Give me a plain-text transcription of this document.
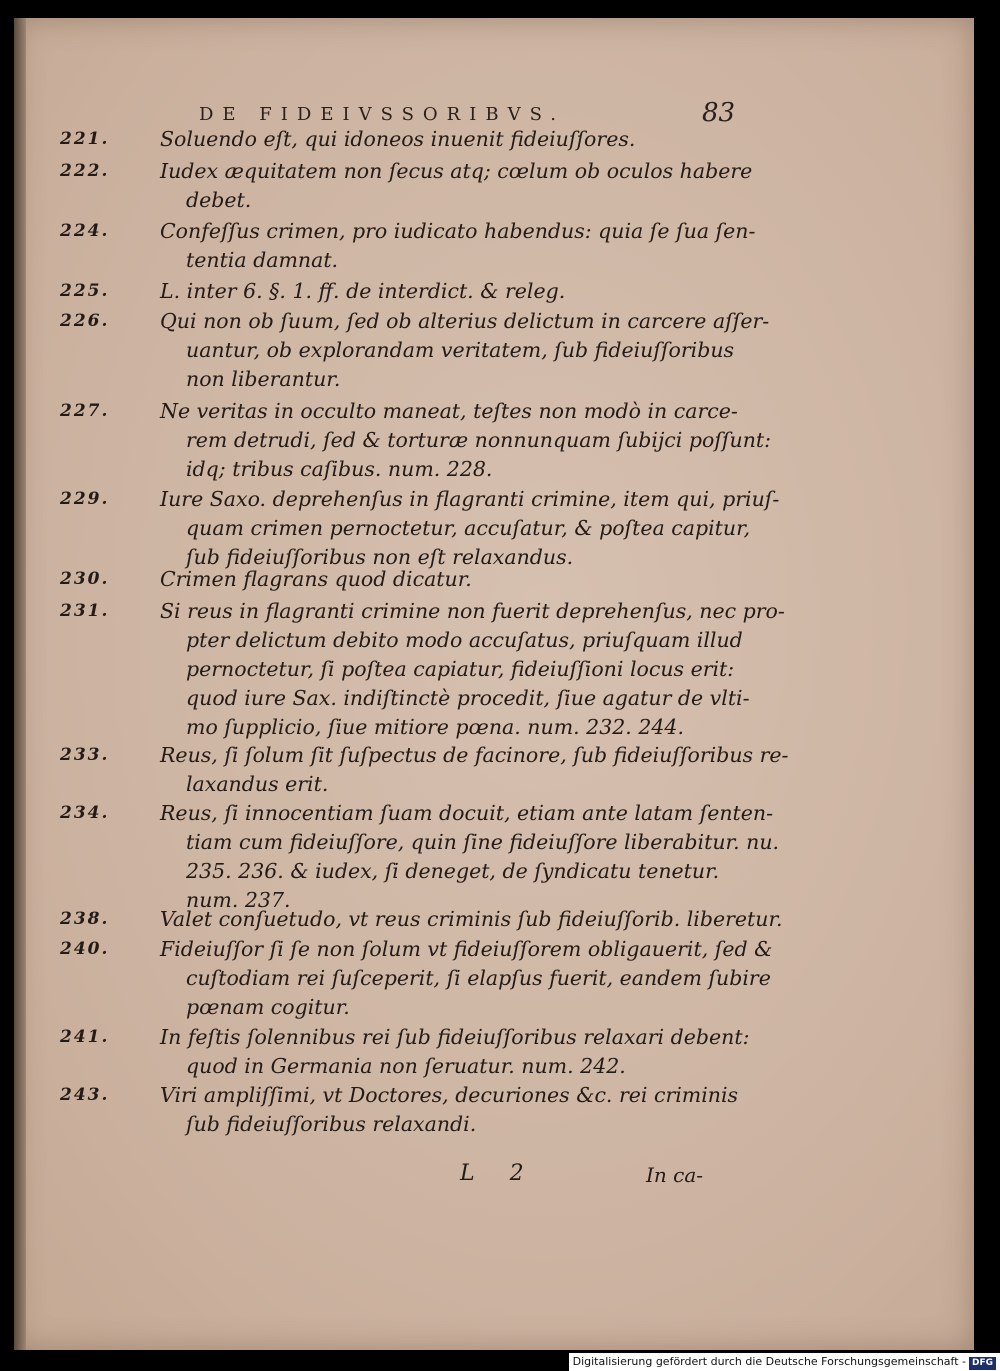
DE FIDEIVSSORIBVS.	83
221.	Soluendo eſt, qui idoneos inuenit fideiuſſores.
222.	Iudex æquitatem non ſecus atq; cœlum ob oculos habere
debet.
224.	Confeſſus crimen, pro iudicato habendus: quia ſe ſua ſen-
tentia damnat.
225.	L. inter 6. §. 1. ff. de interdict. & releg.
226.	Qui non ob ſuum, ſed ob alterius delictum in carcere aſſer-
uantur, ob explorandam veritatem, ſub fideiuſſoribus
non liberantur.
227.	Ne veritas in occulto maneat, teſtes non modò in carce-
rem detrudi, ſed & torturæ nonnunquam ſubijci poſſunt:
idq; tribus caſibus. num. 228.
229.	Iure Saxo. deprehenſus in flagranti crimine, item qui, priuſ-
quam crimen pernoctetur, accuſatur, & poſtea capitur,
ſub fideiuſſoribus non eſt relaxandus.
230.	Crimen flagrans quod dicatur.
231.	Si reus in flagranti crimine non fuerit deprehenſus, nec pro-
pter delictum debito modo accuſatus, priuſquam illud
pernoctetur, ſi poſtea capiatur, fideiuſſioni locus erit:
quod iure Sax. indiſtinctè procedit, ſiue agatur de vlti-
mo ſupplicio, ſiue mitiore pœna. num. 232. 244.
233.	Reus, ſi ſolum ſit ſuſpectus de facinore, ſub fideiuſſoribus re-
laxandus erit.
234.	Reus, ſi innocentiam ſuam docuit, etiam ante latam ſenten-
tiam cum fideiuſſore, quin ſine fideiuſſore liberabitur. nu.
235. 236. & iudex, ſi deneget, de ſyndicatu tenetur.
num. 237.
238.	Valet conſuetudo, vt reus criminis ſub fideiuſſorib. liberetur.
240.	Fideiuſſor ſi ſe non ſolum vt fideiuſſorem obligauerit, ſed &
cuſtodiam rei ſuſceperit, ſi elapſus fuerit, eandem ſubire
pœnam cogitur.
241.	In feſtis ſolennibus rei ſub fideiuſſoribus relaxari debent:
quod in Germania non ſeruatur. num. 242.
243.	Viri ampliſſimi, vt Doctores, decuriones &c. rei criminis
ſub fideiuſſoribus relaxandi.
L 2	In ca-
Digitalisierung gefördert durch die Deutsche Forschungsgemeinschaft - DFG
